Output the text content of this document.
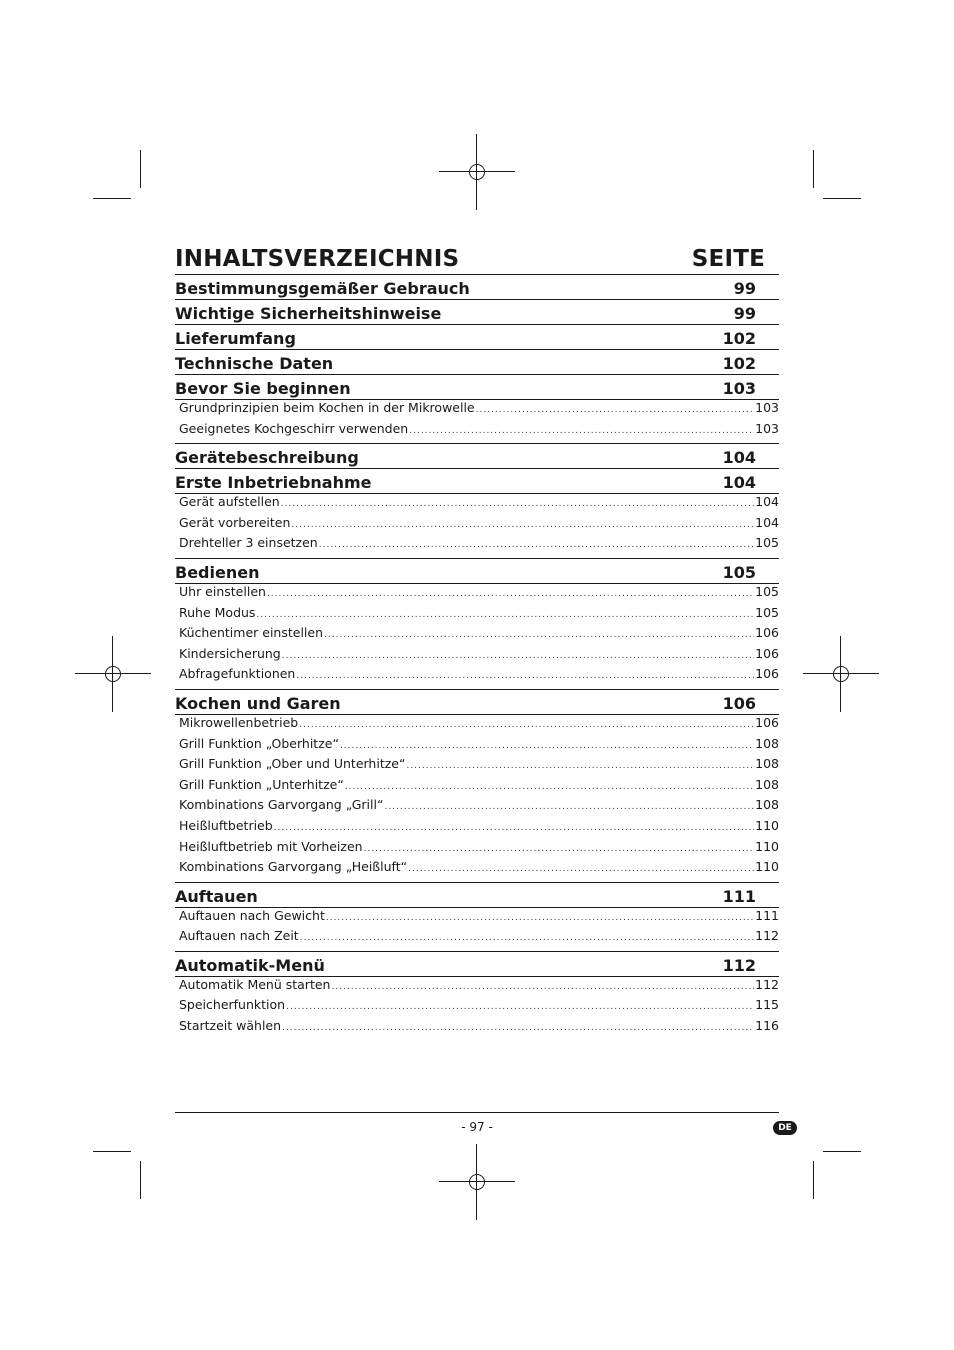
INHALTSVERZEICHNIS	SEITE
Bestimmungsgemäßer Gebrauch	99
Wichtige Sicherheitshinweise	99
Lieferumfang	102
Technische Daten	102
Bevor Sie beginnen	103
Grundprinzipien beim Kochen in der Mikrowelle .....	103
Geeignetes Kochgeschirr verwenden .....	103
Gerätebeschreibung	104
Erste Inbetriebnahme	104
Gerät aufstellen .....	104
Gerät vorbereiten .....	104
Drehteller 3 einsetzen .....	105
Bedienen	105
Uhr einstellen .....	105
Ruhe Modus .....	105
Küchentimer einstellen .....	106
Kindersicherung .....	106
Abfragefunktionen .....	106
Kochen und Garen	106
Mikrowellenbetrieb .....	106
Grill Funktion „Oberhitze“ .....	108
Grill Funktion „Ober und Unterhitze“ .....	108
Grill Funktion „Unterhitze“ .....	108
Kombinations Garvorgang „Grill“ .....	108
Heißluftbetrieb .....	110
Heißluftbetrieb mit Vorheizen .....	110
Kombinations Garvorgang „Heißluft“ .....	110
Auftauen	111
Auftauen nach Gewicht .....	111
Auftauen nach Zeit .....	112
Automatik-Menü	112
Automatik Menü starten .....	112
Speicherfunktion .....	115
Startzeit wählen .....	116
- 97 -	DE
